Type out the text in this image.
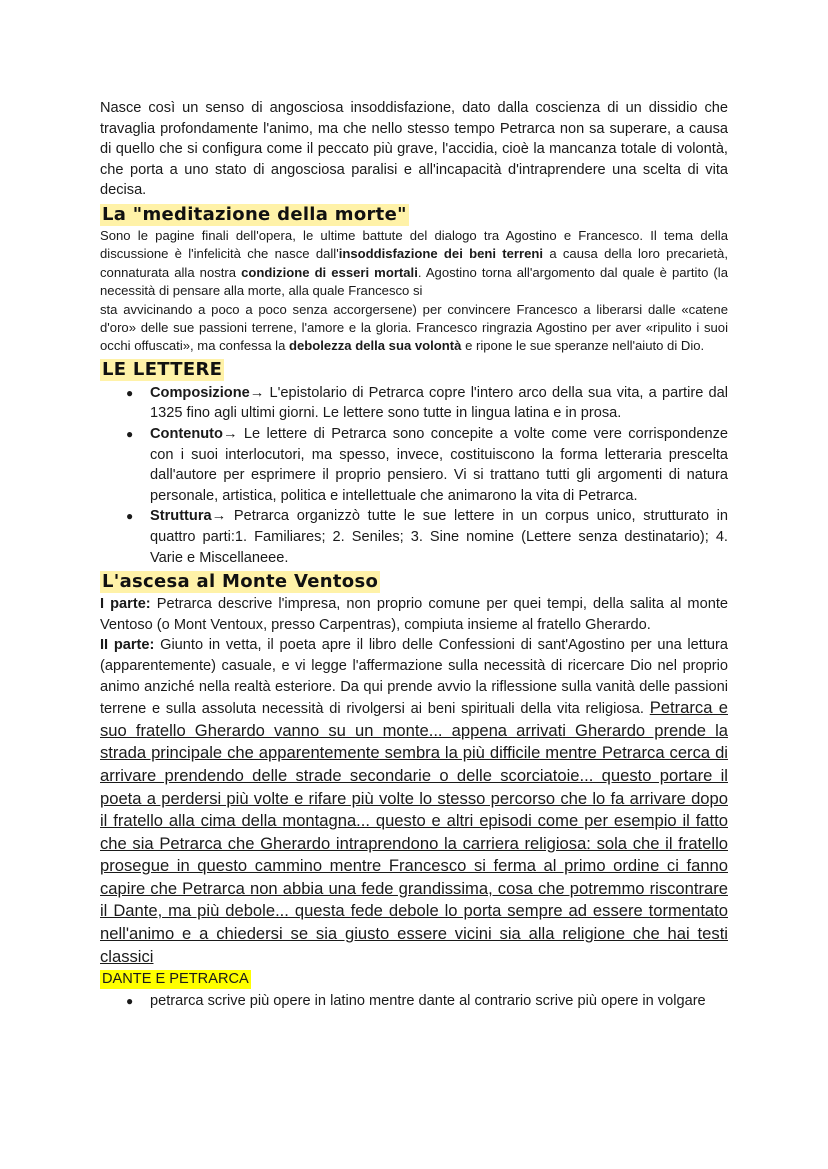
Nasce così un senso di angosciosa insoddisfazione, dato dalla coscienza di un dissidio che travaglia profondamente l'animo, ma che nello stesso tempo Petrarca non sa superare, a causa di quello che si configura come il peccato più grave, l'accidia, cioè la mancanza totale di volontà, che porta a uno stato di angosciosa paralisi e all'incapacità d'intraprendere una scelta di vita decisa.

La "meditazione della morte"

Sono le pagine finali dell'opera, le ultime battute del dialogo tra Agostino e Francesco. Il tema della discussione è l'infelicità che nasce dall'insoddisfazione dei beni terreni a causa della loro precarietà, connaturata alla nostra condizione di esseri mortali. Agostino torna all'argomento dal quale è partito (la necessità di pensare alla morte, alla quale Francesco si

sta avvicinando a poco a poco senza accorgersene) per convincere Francesco a liberarsi dalle «catene d'oro» delle sue passioni terrene, l'amore e la gloria. Francesco ringrazia Agostino per aver «ripulito i suoi occhi offuscati», ma confessa la debolezza della sua volontà e ripone le sue speranze nell'aiuto di Dio.

LE LETTERE
● Composizione→ L'epistolario di Petrarca copre l'intero arco della sua vita, a partire dal 1325 fino agli ultimi giorni. Le lettere sono tutte in lingua latina e in prosa.
● Contenuto→ Le lettere di Petrarca sono concepite a volte come vere corrispondenze con i suoi interlocutori, ma spesso, invece, costituiscono la forma letteraria prescelta dall'autore per esprimere il proprio pensiero. Vi si trattano tutti gli argomenti di natura personale, artistica, politica e intellettuale che animarono la vita di Petrarca.
● Struttura→ Petrarca organizzò tutte le sue lettere in un corpus unico, strutturato in quattro parti:1. Familiares; 2. Seniles; 3. Sine nomine (Lettere senza destinatario); 4. Varie e Miscellaneee.
L'ascesa al Monte Ventoso

I parte: Petrarca descrive l'impresa, non proprio comune per quei tempi, della salita al monte Ventoso (o Mont Ventoux, presso Carpentras), compiuta insieme al fratello Gherardo.

II parte: Giunto in vetta, il poeta apre il libro delle Confessioni di sant'Agostino per una lettura (apparentemente) casuale, e vi legge l'affermazione sulla necessità di ricercare Dio nel proprio animo anziché nella realtà esteriore. Da qui prende avvio la riflessione sulla vanità delle passioni terrene e sulla assoluta necessità di rivolgersi ai beni spirituali della vita religiosa. Petrarca e suo fratello Gherardo vanno su un monte... appena arrivati Gherardo prende la strada principale che apparentemente sembra la più difficile mentre Petrarca cerca di arrivare prendendo delle strade secondarie o delle scorciatoie... questo portare il poeta a perdersi più volte e rifare più volte lo stesso percorso che lo fa arrivare dopo il fratello alla cima della montagna... questo e altri episodi come per esempio il fatto che sia Petrarca che Gherardo intraprendono la carriera religiosa: sola che il fratello prosegue in questo cammino mentre Francesco si ferma al primo ordine ci fanno capire che Petrarca non abbia una fede grandissima, cosa che potremmo riscontrare il Dante, ma più debole... questa fede debole lo porta sempre ad essere tormentato nell'animo e a chiedersi se sia giusto essere vicini sia alla religione che hai testi classici

DANTE E PETRARCA
● petrarca scrive più opere in latino mentre dante al contrario scrive più opere in volgare
